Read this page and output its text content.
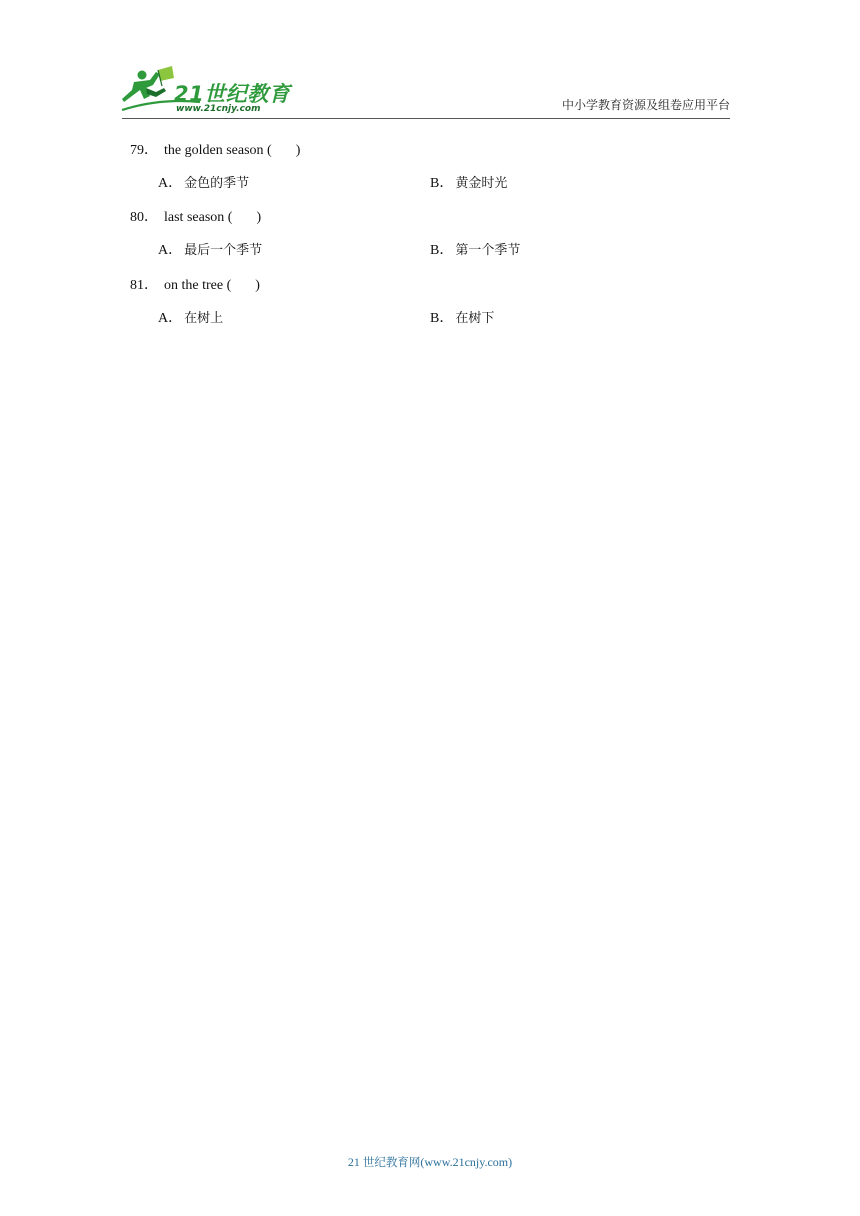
21世纪教育
www.21cnjy.com	中小学教育资源及组卷应用平台
79． the golden season ( )
A． 金色的季节	B． 黄金时光
80． last season ( )
A． 最后一个季节	B． 第一个季节
81． on the tree ( )
A． 在树上	B． 在树下
21 世纪教育网(www.21cnjy.com)
